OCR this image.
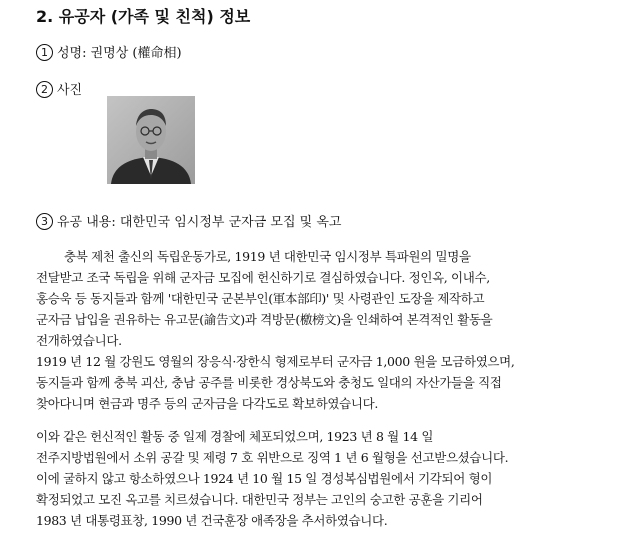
2. 유공자 (가족 및 친척) 정보
1 성명: 권명상 (權命相)
2 사진
3 유공 내용: 대한민국 임시정부 군자금 모집 및 옥고
충북 제천 출신의 독립운동가로, 1919 년 대한민국 임시정부 특파원의 밀명을
전달받고 조국 독립을 위해 군자금 모집에 헌신하기로 결심하였습니다. 정인옥, 이내수,
홍승욱 등 동지들과 함께 '대한민국 군본부인(軍本部印)' 및 사령관인 도장을 제작하고
군자금 납입을 권유하는 유고문(諭告文)과 격방문(檄榜文)을 인쇄하여 본격적인 활동을
전개하였습니다.
1919 년 12 월 강원도 영월의 장응식·장한식 형제로부터 군자금 1,000 원을 모금하였으며,
동지들과 함께 충북 괴산, 충남 공주를 비롯한 경상북도와 충청도 일대의 자산가들을 직접
찾아다니며 현금과 명주 등의 군자금을 다각도로 확보하였습니다.
이와 같은 헌신적인 활동 중 일제 경찰에 체포되었으며, 1923 년 8 월 14 일
전주지방법원에서 소위 공갈 및 제령 7 호 위반으로 징역 1 년 6 월형을 선고받으셨습니다.
이에 굴하지 않고 항소하였으나 1924 년 10 월 15 일 경성복심법원에서 기각되어 형이
확정되었고 모진 옥고를 치르셨습니다. 대한민국 정부는 고인의 숭고한 공훈을 기리어
1983 년 대통령표창, 1990 년 건국훈장 애족장을 추서하였습니다.
